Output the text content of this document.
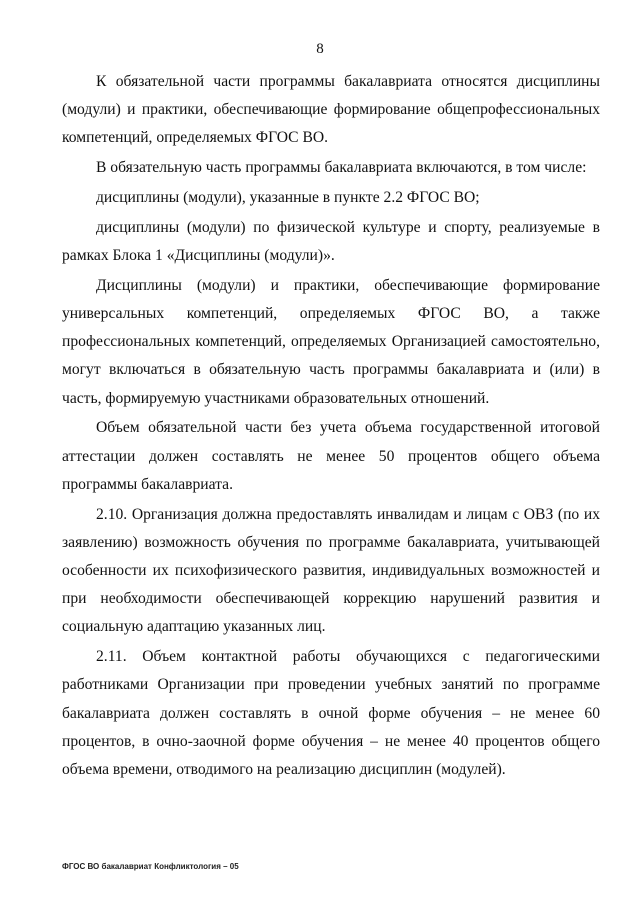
8

К обязательной части программы бакалавриата относятся дисциплины (модули) и практики, обеспечивающие формирование общепрофессиональных компетенций, определяемых ФГОС ВО.

В обязательную часть программы бакалавриата включаются, в том числе:

дисциплины (модули), указанные в пункте 2.2 ФГОС ВО;

дисциплины (модули) по физической культуре и спорту, реализуемые в рамках Блока 1 «Дисциплины (модули)».

Дисциплины (модули) и практики, обеспечивающие формирование универсальных компетенций, определяемых ФГОС ВО, а также профессиональных компетенций, определяемых Организацией самостоятельно, могут включаться в обязательную часть программы бакалавриата и (или) в часть, формируемую участниками образовательных отношений.

Объем обязательной части без учета объема государственной итоговой аттестации должен составлять не менее 50 процентов общего объема программы бакалавриата.

2.10. Организация должна предоставлять инвалидам и лицам с ОВЗ (по их заявлению) возможность обучения по программе бакалавриата, учитывающей особенности их психофизического развития, индивидуальных возможностей и при необходимости обеспечивающей коррекцию нарушений развития и социальную адаптацию указанных лиц.

2.11. Объем контактной работы обучающихся с педагогическими работниками Организации при проведении учебных занятий по программе бакалавриата должен составлять в очной форме обучения – не менее 60 процентов, в очно-заочной форме обучения – не менее 40 процентов общего объема времени, отводимого на реализацию дисциплин (модулей).

ФГОС ВО бакалавриат Конфликтология – 05
